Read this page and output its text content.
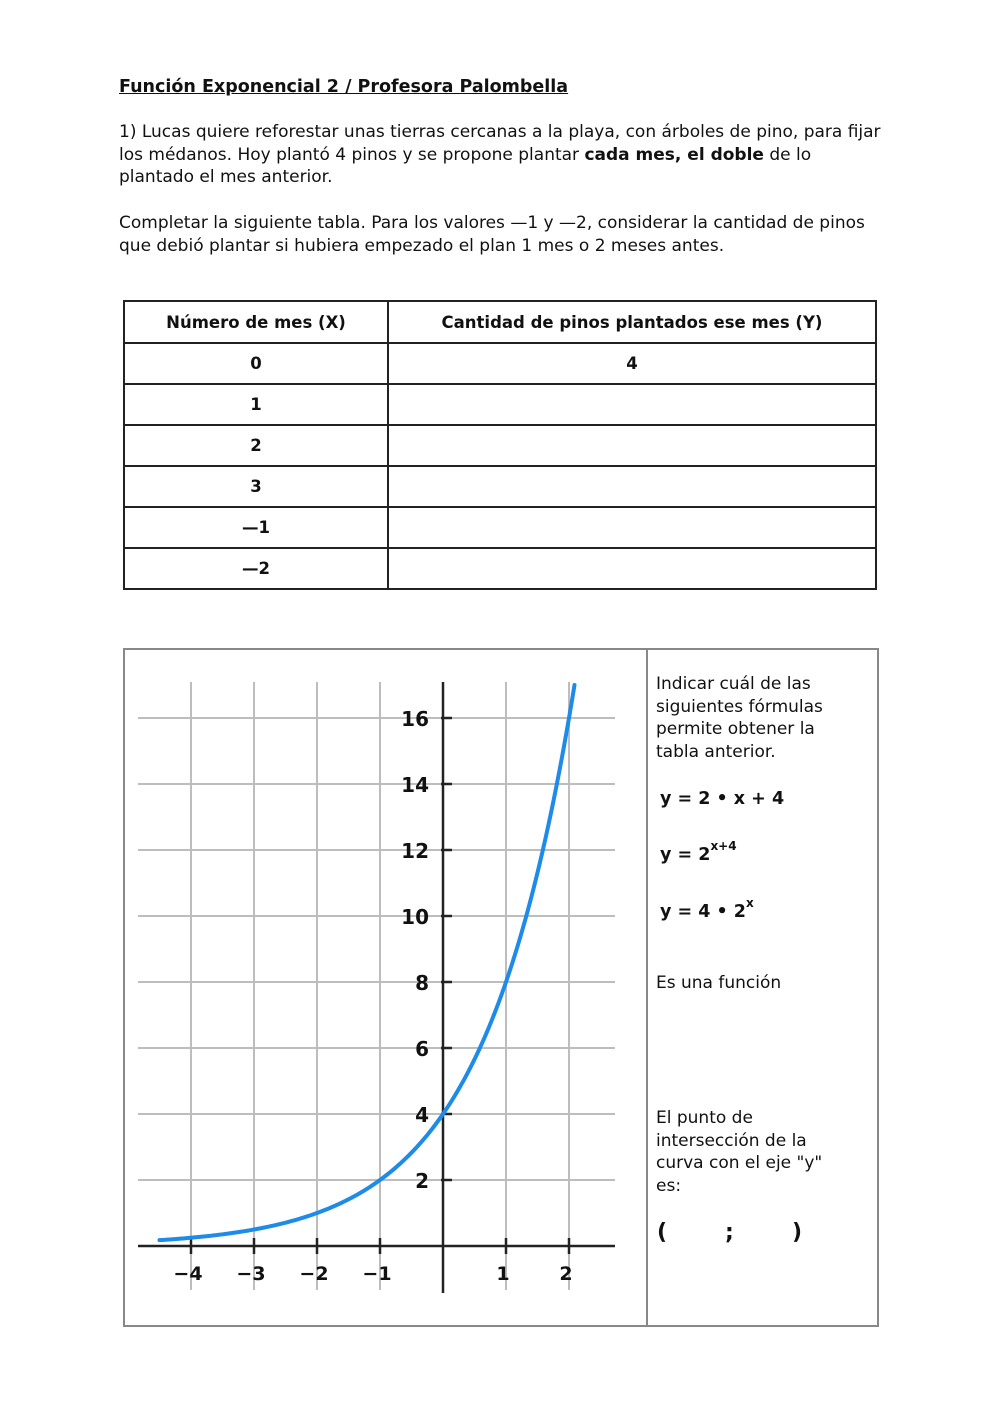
Función Exponencial 2 / Profesora Palombella
1) Lucas quiere reforestar unas tierras cercanas a la playa, con árboles de pino, para fijar los médanos. Hoy plantó 4 pinos y se propone plantar cada mes, el doble de lo plantado el mes anterior.
Completar la siguiente tabla. Para los valores —1 y —2, considerar la cantidad de pinos que debió plantar si hubiera empezado el plan 1 mes o 2 meses antes.
Número de mes (X)	Cantidad de pinos plantados ese mes (Y)
0	4
1	
2	
3	
—1	
—2	
−4 −3 −2 −1	1	2
2
4
6
8
10
12
14
16
Indicar cuál de las siguientes fórmulas permite obtener la tabla anterior.
y = 2 • x + 4
$y = 2^{x+4}$
y = 4 • 2$^x$
Es una función
El punto de intersección de la curva con el eje "y" es:
(	;	)
